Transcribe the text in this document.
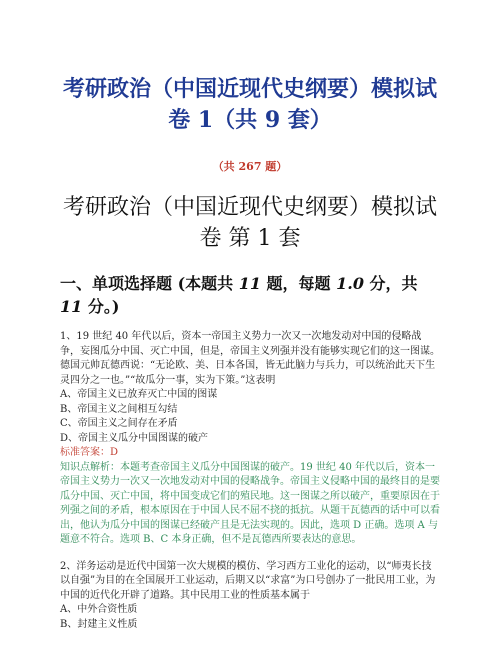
考研政治（中国近现代史纲要）模拟试卷 1（共 9 套）
（共 267 题）
考研政治（中国近现代史纲要）模拟试卷 第 1 套
一、单项选择题 (本题共 11 题，每题 1.0 分，共 11 分。)

1、19 世纪 40 年代以后，资本一帝国主义势力一次又一次地发动对中国的侵略战争，妄图瓜分中国、灭亡中国，但是，帝国主义列强并没有能够实现它们的这一图谋。德国元帅瓦德西说：“无论欧、美、日本各国，皆无此脑力与兵力，可以统治此天下生灵四分之一也。”“故瓜分一事，实为下策。”这表明

A、帝国主义已放弃灭亡中国的图谋

B、帝国主义之间相互勾结

C、帝国主义之间存在矛盾

D、帝国主义瓜分中国图谋的破产

标准答案：D

知识点解析：本题考查帝国主义瓜分中国图谋的破产。19 世纪 40 年代以后，资本一帝国主义势力一次又一次地发动对中国的侵略战争。帝国主义侵略中国的最终目的是要瓜分中国、灭亡中国，将中国变成它们的殖民地。这一图谋之所以破产，重要原因在于列强之间的矛盾，根本原因在于中国人民不屈不挠的抵抗。从题干瓦德西的话中可以看出，他认为瓜分中国的图谋已经破产且是无法实现的。因此，选项 D 正确。选项 A 与题意不符合。选项 B、C 本身正确，但不是瓦德西所要表达的意思。

2、洋务运动是近代中国第一次大规模的模仿、学习西方工业化的运动，以“师夷长技以自强”为目的在全国展开工业运动，后期又以“求富”为口号创办了一批民用工业，为中国的近代化开辟了道路。其中民用工业的性质基本属于

A、中外合资性质

B、封建主义性质
